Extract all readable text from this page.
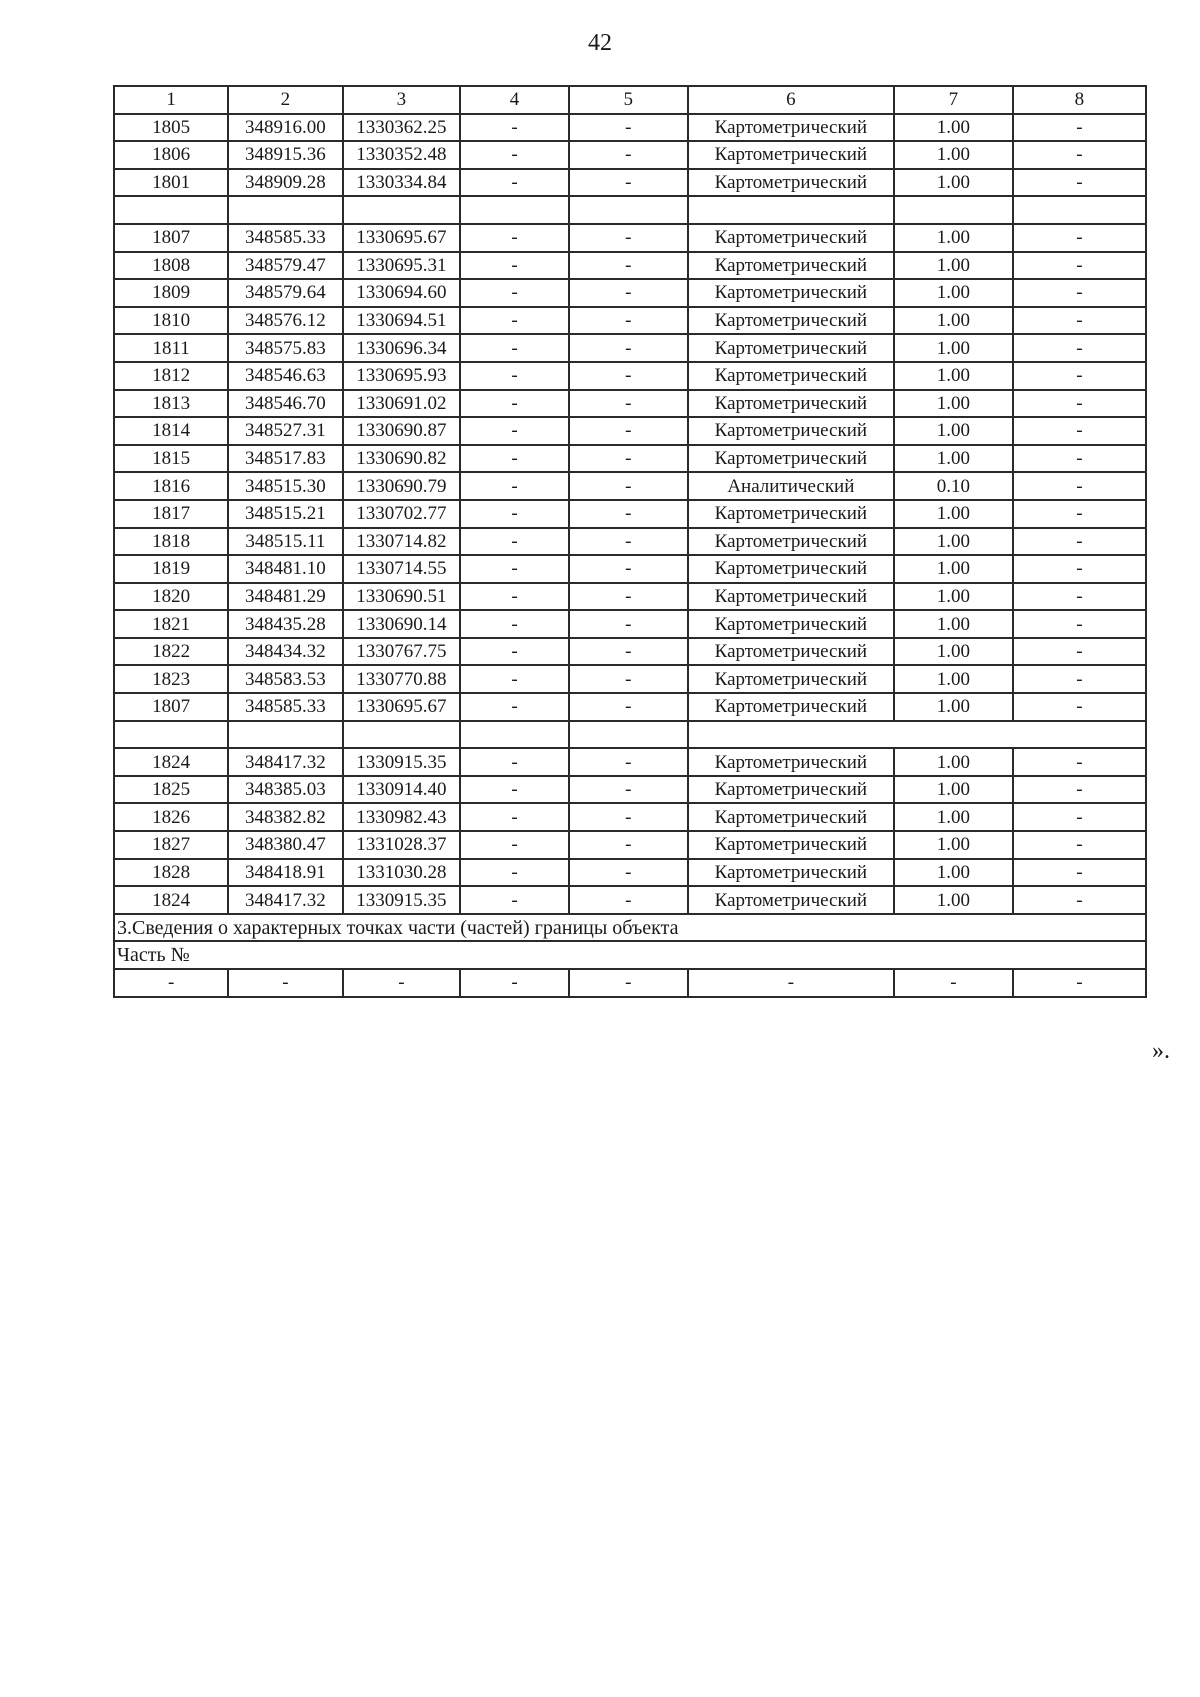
42
1	2	3	4	5	6	7	8
1805	348916.00	1330362.25	-	-	Картометрический	1.00	-
1806	348915.36	1330352.48	-	-	Картометрический	1.00	-
1801	348909.28	1330334.84	-	-	Картометрический	1.00	-

1807	348585.33	1330695.67	-	-	Картометрический	1.00	-
1808	348579.47	1330695.31	-	-	Картометрический	1.00	-
1809	348579.64	1330694.60	-	-	Картометрический	1.00	-
1810	348576.12	1330694.51	-	-	Картометрический	1.00	-
1811	348575.83	1330696.34	-	-	Картометрический	1.00	-
1812	348546.63	1330695.93	-	-	Картометрический	1.00	-
1813	348546.70	1330691.02	-	-	Картометрический	1.00	-
1814	348527.31	1330690.87	-	-	Картометрический	1.00	-
1815	348517.83	1330690.82	-	-	Картометрический	1.00	-
1816	348515.30	1330690.79	-	-	Аналитический	0.10	-
1817	348515.21	1330702.77	-	-	Картометрический	1.00	-
1818	348515.11	1330714.82	-	-	Картометрический	1.00	-
1819	348481.10	1330714.55	-	-	Картометрический	1.00	-
1820	348481.29	1330690.51	-	-	Картометрический	1.00	-
1821	348435.28	1330690.14	-	-	Картометрический	1.00	-
1822	348434.32	1330767.75	-	-	Картометрический	1.00	-
1823	348583.53	1330770.88	-	-	Картометрический	1.00	-
1807	348585.33	1330695.67	-	-	Картометрический	1.00	-

1824	348417.32	1330915.35	-	-	Картометрический	1.00	-
1825	348385.03	1330914.40	-	-	Картометрический	1.00	-
1826	348382.82	1330982.43	-	-	Картометрический	1.00	-
1827	348380.47	1331028.37	-	-	Картометрический	1.00	-
1828	348418.91	1331030.28	-	-	Картометрический	1.00	-
1824	348417.32	1330915.35	-	-	Картометрический	1.00	-
3.Сведения о характерных точках части (частей) границы объекта							
Часть №							
-	-	-	-	-	-	-	-
».
